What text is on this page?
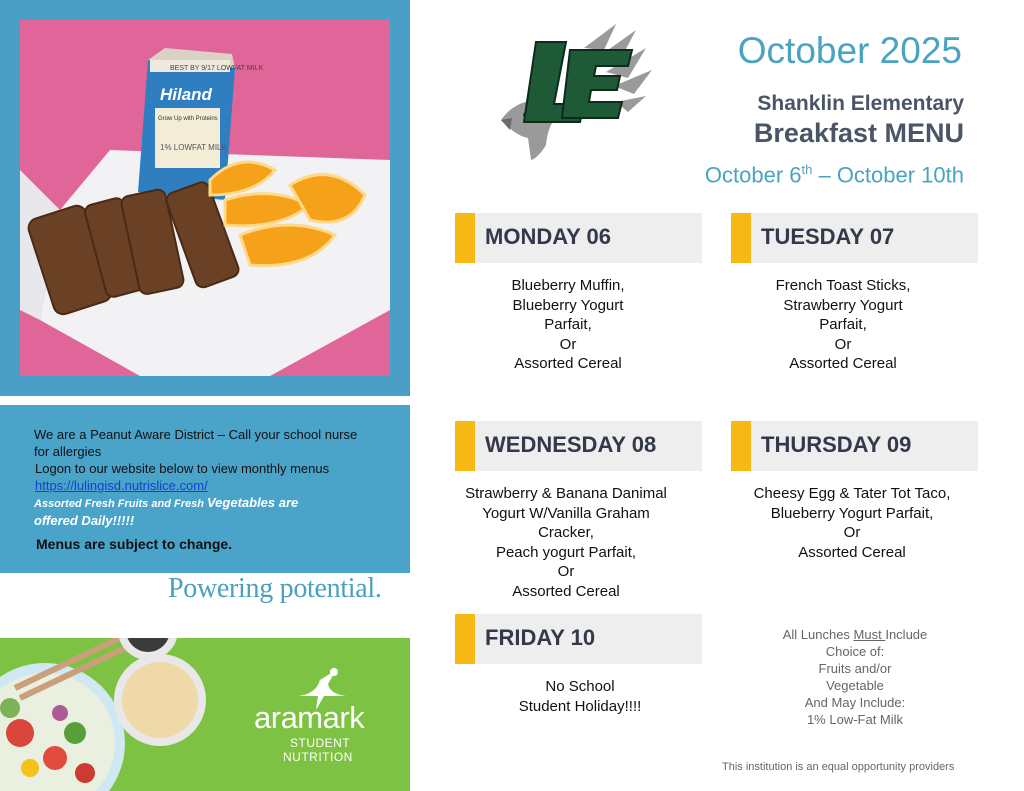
BEST BY 9/17 LOWFAT MILK
Hiland
Grow Up with Proteins
1% LOWFAT MILK
We are a Peanut Aware District – Call your school nurse
for allergies
Logon to our website below to view monthly menus
https://lulingisd.nutrislice.com/
Assorted Fresh Fruits and Fresh Vegetables are
offered Daily!!!!!
Menus are subject to change.
Powering potential.
aramark
STUDENT
NUTRITION
October 2025
Shanklin Elementary
Breakfast MENU
October 6th – October 10th
MONDAY 06
Blueberry Muffin,
Blueberry Yogurt
Parfait,
Or
Assorted Cereal
TUESDAY 07
French Toast Sticks,
Strawberry Yogurt
Parfait,
Or
Assorted Cereal
WEDNESDAY 08
Strawberry & Banana Danimal
Yogurt W/Vanilla Graham
Cracker,
Peach yogurt Parfait,
Or
Assorted Cereal
THURSDAY 09
Cheesy Egg & Tater Tot Taco,
Blueberry Yogurt Parfait,
Or
Assorted Cereal
FRIDAY 10
No School
Student Holiday!!!!
All Lunches Must Include
Choice of:
Fruits and/or
Vegetable
And May Include:
1% Low-Fat Milk
This institution is an equal opportunity providers
